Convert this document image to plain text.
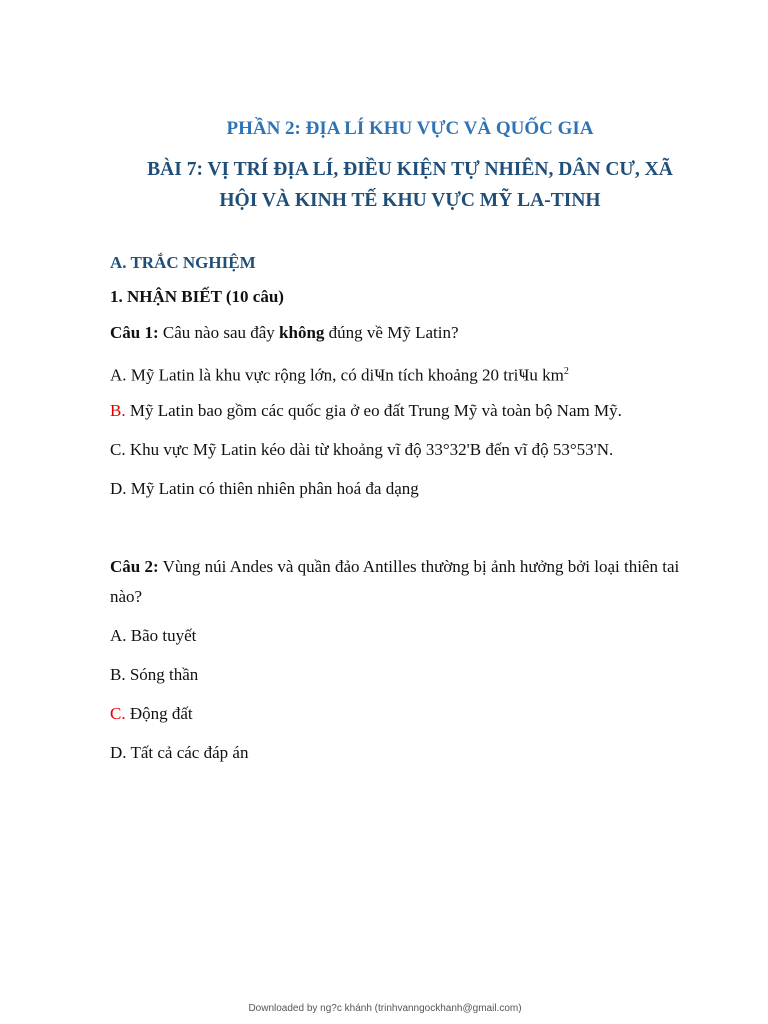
PHẦN 2: ĐỊA LÍ KHU VỰC VÀ QUỐC GIA
BÀI 7: VỊ TRÍ ĐỊA LÍ, ĐIỀU KIỆN TỰ NHIÊN, DÂN CƯ, XÃ
HỘI VÀ KINH TẾ KHU VỰC MỸ LA-TINH
A. TRẮC NGHIỆM
1. NHẬN BIẾT (10 câu)
Câu 1: Câu nào sau đây không đúng về Mỹ Latin?
A. Mỹ Latin là khu vực rộng lớn, có diҸn tích khoảng 20 triҸu $km^2$
B. Mỹ Latin bao gồm các quốc gia ở eo đất Trung Mỹ và toàn bộ Nam Mỹ.
C. Khu vực Mỹ Latin kéo dài từ khoảng vĩ độ 33°32'B đến vĩ độ 53°53'N.
D. Mỹ Latin có thiên nhiên phân hoá đa dạng
Câu 2: Vùng núi Andes và quần đảo Antilles thường bị ảnh hưởng bởi loại thiên tai nào?
A. Bão tuyết
B. Sóng thần
C. Động đất
D. Tất cả các đáp án
Downloaded by ng?c khánh (trinhvanngockhanh@gmail.com)
